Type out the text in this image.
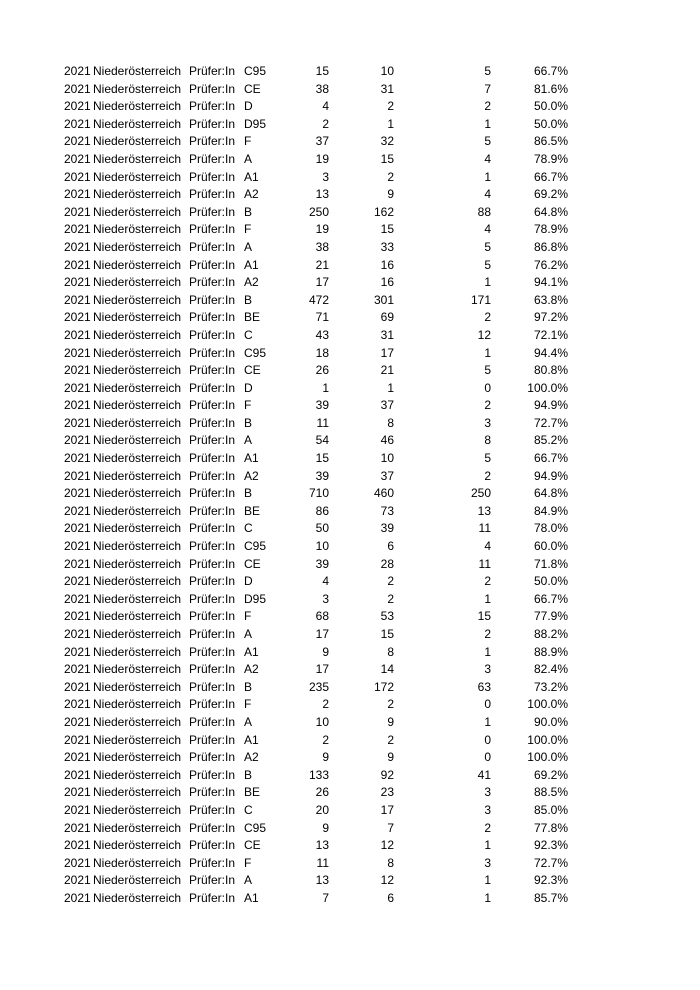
2021 Niederösterreich Prüfer:In C95	15	10	5	66.7%
2021 Niederösterreich Prüfer:In CE	38	31	7	81.6%
2021 Niederösterreich Prüfer:In D	4	2	2	50.0%
2021 Niederösterreich Prüfer:In D95	2	1	1	50.0%
2021 Niederösterreich Prüfer:In F	37	32	5	86.5%
2021 Niederösterreich Prüfer:In A	19	15	4	78.9%
2021 Niederösterreich Prüfer:In A1	3	2	1	66.7%
2021 Niederösterreich Prüfer:In A2	13	9	4	69.2%
2021 Niederösterreich Prüfer:In B	250	162	88	64.8%
2021 Niederösterreich Prüfer:In F	19	15	4	78.9%
2021 Niederösterreich Prüfer:In A	38	33	5	86.8%
2021 Niederösterreich Prüfer:In A1	21	16	5	76.2%
2021 Niederösterreich Prüfer:In A2	17	16	1	94.1%
2021 Niederösterreich Prüfer:In B	472	301	171	63.8%
2021 Niederösterreich Prüfer:In BE	71	69	2	97.2%
2021 Niederösterreich Prüfer:In C	43	31	12	72.1%
2021 Niederösterreich Prüfer:In C95	18	17	1	94.4%
2021 Niederösterreich Prüfer:In CE	26	21	5	80.8%
2021 Niederösterreich Prüfer:In D	1	1	0	100.0%
2021 Niederösterreich Prüfer:In F	39	37	2	94.9%
2021 Niederösterreich Prüfer:In B	11	8	3	72.7%
2021 Niederösterreich Prüfer:In A	54	46	8	85.2%
2021 Niederösterreich Prüfer:In A1	15	10	5	66.7%
2021 Niederösterreich Prüfer:In A2	39	37	2	94.9%
2021 Niederösterreich Prüfer:In B	710	460	250	64.8%
2021 Niederösterreich Prüfer:In BE	86	73	13	84.9%
2021 Niederösterreich Prüfer:In C	50	39	11	78.0%
2021 Niederösterreich Prüfer:In C95	10	6	4	60.0%
2021 Niederösterreich Prüfer:In CE	39	28	11	71.8%
2021 Niederösterreich Prüfer:In D	4	2	2	50.0%
2021 Niederösterreich Prüfer:In D95	3	2	1	66.7%
2021 Niederösterreich Prüfer:In F	68	53	15	77.9%
2021 Niederösterreich Prüfer:In A	17	15	2	88.2%
2021 Niederösterreich Prüfer:In A1	9	8	1	88.9%
2021 Niederösterreich Prüfer:In A2	17	14	3	82.4%
2021 Niederösterreich Prüfer:In B	235	172	63	73.2%
2021 Niederösterreich Prüfer:In F	2	2	0	100.0%
2021 Niederösterreich Prüfer:In A	10	9	1	90.0%
2021 Niederösterreich Prüfer:In A1	2	2	0	100.0%
2021 Niederösterreich Prüfer:In A2	9	9	0	100.0%
2021 Niederösterreich Prüfer:In B	133	92	41	69.2%
2021 Niederösterreich Prüfer:In BE	26	23	3	88.5%
2021 Niederösterreich Prüfer:In C	20	17	3	85.0%
2021 Niederösterreich Prüfer:In C95	9	7	2	77.8%
2021 Niederösterreich Prüfer:In CE	13	12	1	92.3%
2021 Niederösterreich Prüfer:In F	11	8	3	72.7%
2021 Niederösterreich Prüfer:In A	13	12	1	92.3%
2021 Niederösterreich Prüfer:In A1	7	6	1	85.7%
